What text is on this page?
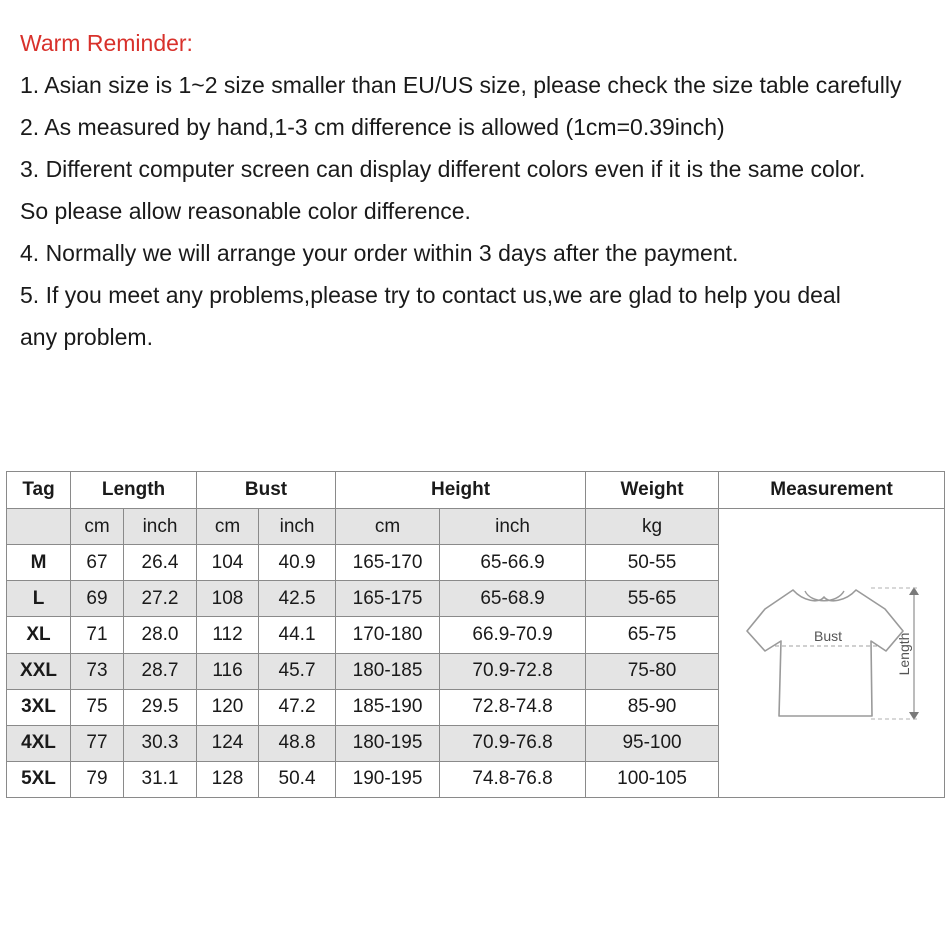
Warm Reminder:
1. Asian size is 1~2 size smaller than EU/US size, please check the size table carefully
2. As measured by hand,1-3 cm difference is allowed (1cm=0.39inch)
3. Different computer screen can display different colors even if it is the same color.
So please allow reasonable color difference.
4. Normally we will arrange your order within 3 days after the payment.
5. If you meet any problems,please try to contact us,we are glad to help you deal
any problem.
Tag	Length		Bust		Height		Weight	Measurement
	cm	inch	cm	inch	cm	inch	kg	Bust Length

M	67	26.4	104	40.9	165-170	65-66.9	50-55	
L	69	27.2	108	42.5	165-175	65-68.9	55-65	
XL	71	28.0	112	44.1	170-180	66.9-70.9	65-75	
XXL	73	28.7	116	45.7	180-185	70.9-72.8	75-80	
3XL	75	29.5	120	47.2	185-190	72.8-74.8	85-90	
4XL	77	30.3	124	48.8	180-195	70.9-76.8	95-100	
5XL	79	31.1	128	50.4	190-195	74.8-76.8	100-105	
